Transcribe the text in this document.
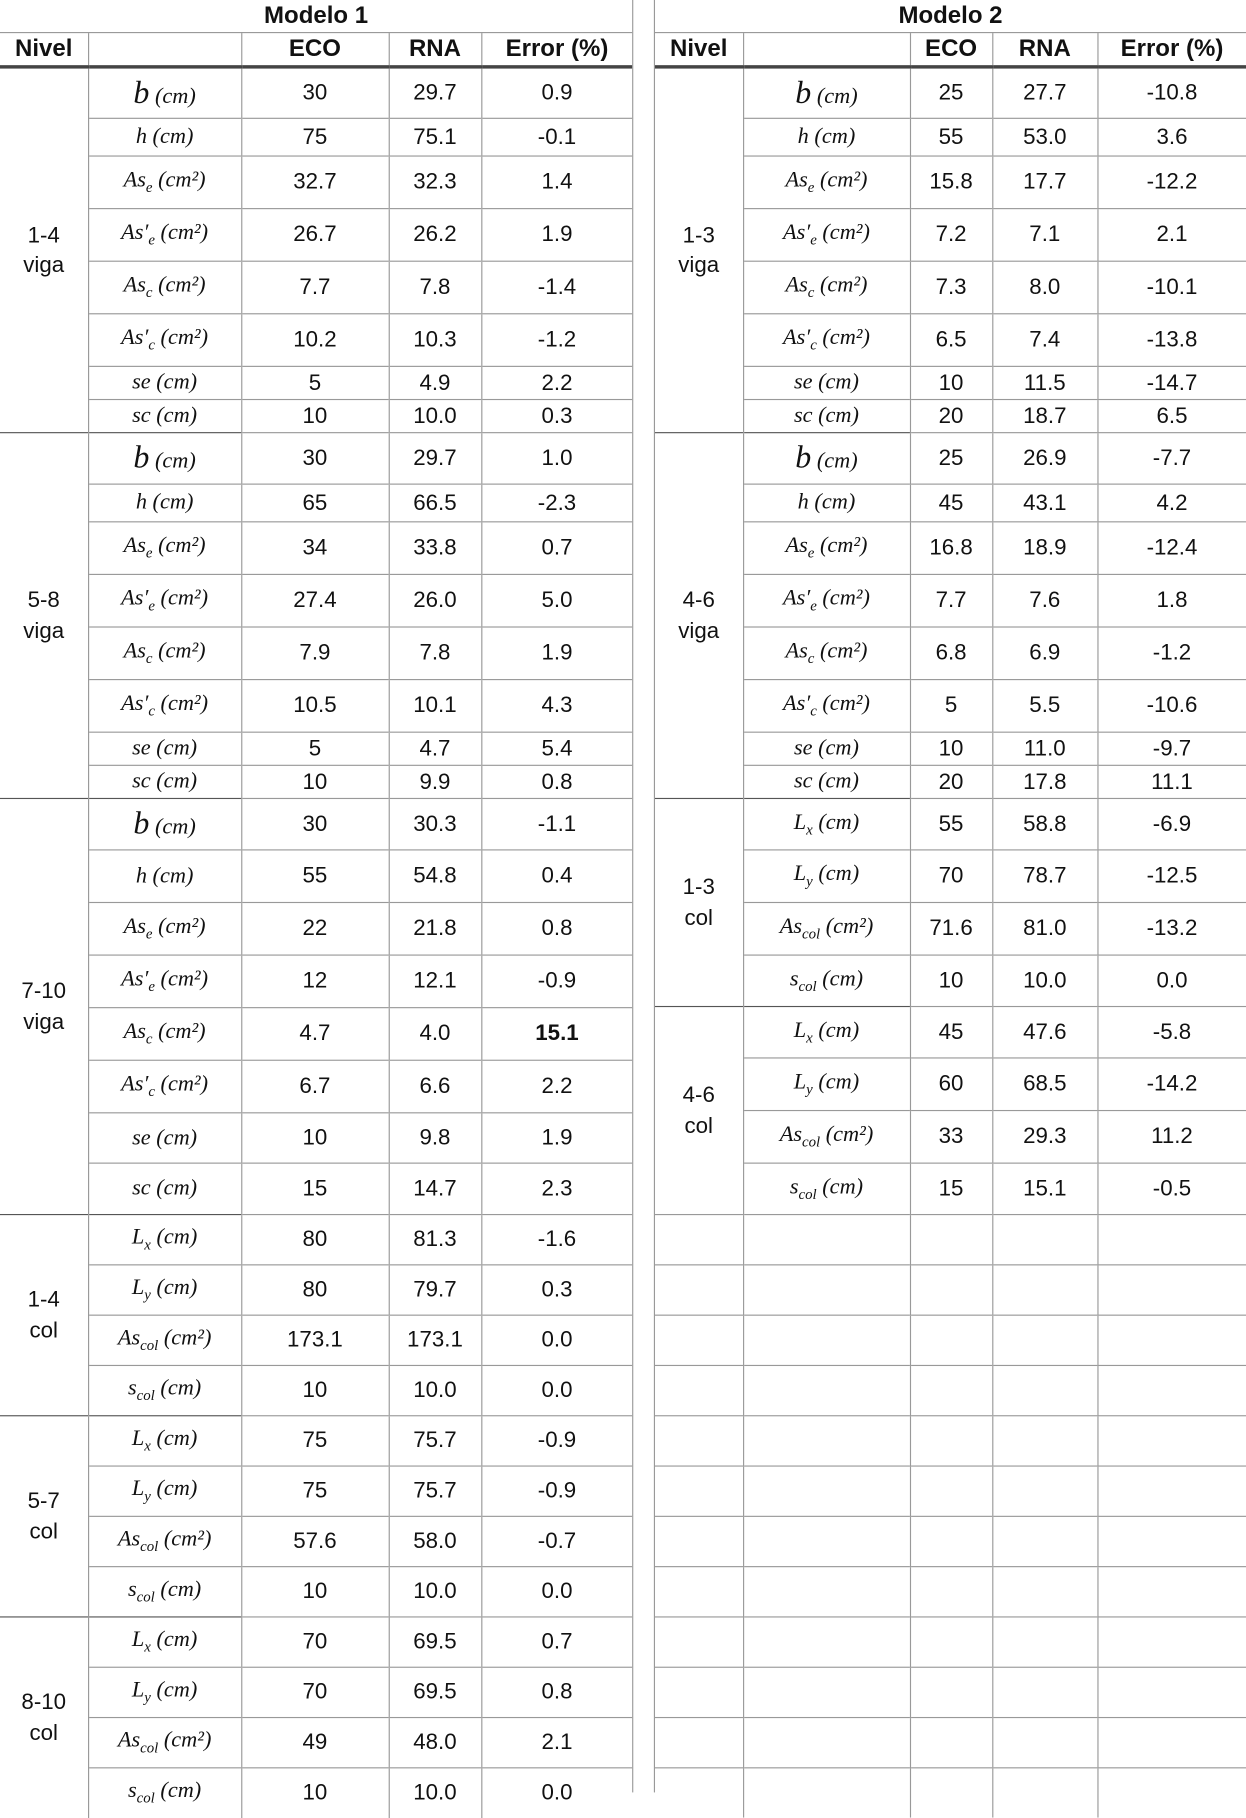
Modelo 1				
Nivel		ECO	RNA	Error (%)
1-4
viga	b (cm)	30	29.7	0.9
	h (cm)	75	75.1	-0.1
	$As_e$ (cm²)	32.7	32.3	1.4
	$As'_e$ (cm²)	26.7	26.2	1.9
	$As_c$ (cm²)	7.7	7.8	-1.4
	$As'_c$ (cm²)	10.2	10.3	-1.2
	se (cm)	5	4.9	2.2
	sc (cm)	10	10.0	0.3
5-8
viga	b (cm)	30	29.7	1.0
	h (cm)	65	66.5	-2.3
	$As_e$ (cm²)	34	33.8	0.7
	$As'_e$ (cm²)	27.4	26.0	5.0
	$As_c$ (cm²)	7.9	7.8	1.9
	$As'_c$ (cm²)	10.5	10.1	4.3
	se (cm)	5	4.7	5.4
	sc (cm)	10	9.9	0.8
7-10
viga	b (cm)	30	30.3	-1.1
	h (cm)	55	54.8	0.4
	$As_e$ (cm²)	22	21.8	0.8
	$As'_e$ (cm²)	12	12.1	-0.9
	$As_c$ (cm²)	4.7	4.0	15.1
	$As'_c$ (cm²)	6.7	6.6	2.2
	se (cm)	10	9.8	1.9
	sc (cm)	15	14.7	2.3
1-4
col	$L_x$ (cm)	80	81.3	-1.6
	$L_y$ (cm)	80	79.7	0.3
	$As_{col}$ (cm²)	173.1	173.1	0.0
	$s_{col}$ (cm)	10	10.0	0.0
5-7
col	$L_x$ (cm)	75	75.7	-0.9
	$L_y$ (cm)	75	75.7	-0.9
	$As_{col}$ (cm²)	57.6	58.0	-0.7
	$s_{col}$ (cm)	10	10.0	0.0
8-10
col	$L_x$ (cm)	70	69.5	0.7
	$L_y$ (cm)	70	69.5	0.8
	$As_{col}$ (cm²)	49	48.0	2.1
	$s_{col}$ (cm)	10	10.0	0.0
Modelo 2				
Nivel		ECO	RNA	Error (%)
1-3
viga	b (cm)	25	27.7	-10.8
	h (cm)	55	53.0	3.6
	$As_e$ (cm²)	15.8	17.7	-12.2
	$As'_e$ (cm²)	7.2	7.1	2.1
	$As_c$ (cm²)	7.3	8.0	-10.1
	$As'_c$ (cm²)	6.5	7.4	-13.8
	se (cm)	10	11.5	-14.7
	sc (cm)	20	18.7	6.5
4-6
viga	b (cm)	25	26.9	-7.7
	h (cm)	45	43.1	4.2
	$As_e$ (cm²)	16.8	18.9	-12.4
	$As'_e$ (cm²)	7.7	7.6	1.8
	$As_c$ (cm²)	6.8	6.9	-1.2
	$As'_c$ (cm²)	5	5.5	-10.6
	se (cm)	10	11.0	-9.7
	sc (cm)	20	17.8	11.1
1-3
col	$L_x$ (cm)	55	58.8	-6.9
	$L_y$ (cm)	70	78.7	-12.5
	$As_{col}$ (cm²)	71.6	81.0	-13.2
	$s_{col}$ (cm)	10	10.0	0.0
4-6
col	$L_x$ (cm)	45	47.6	-5.8
	$L_y$ (cm)	60	68.5	-14.2
	$As_{col}$ (cm²)	33	29.3	11.2
	$s_{col}$ (cm)	15	15.1	-0.5
